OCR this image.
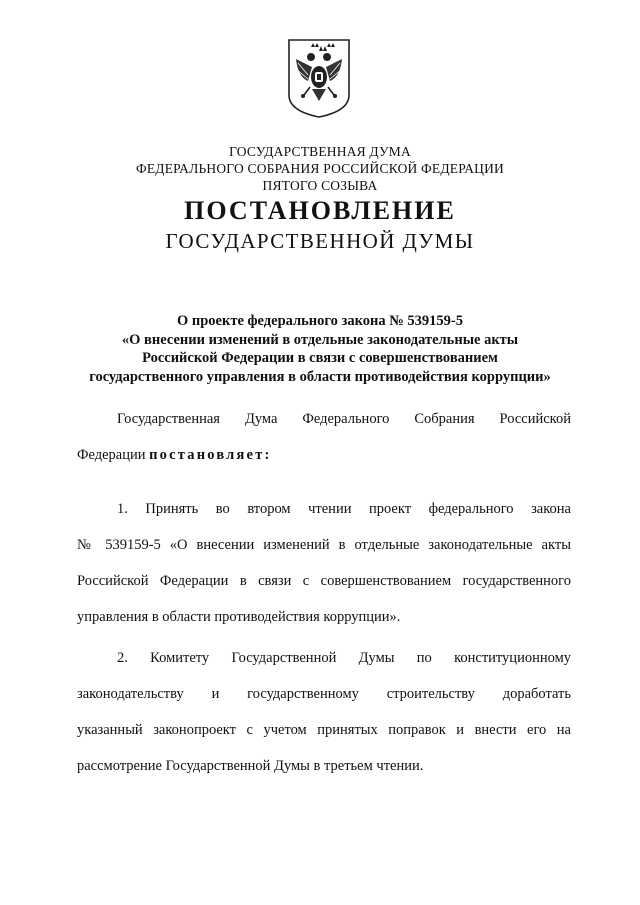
ГОСУДАРСТВЕННАЯ ДУМА
ФЕДЕРАЛЬНОГО СОБРАНИЯ РОССИЙСКОЙ ФЕДЕРАЦИИ
ПЯТОГО СОЗЫВА
ПОСТАНОВЛЕНИЕ
ГОСУДАРСТВЕННОЙ ДУМЫ
О проекте федерального закона № 539159-5
«О внесении изменений в отдельные законодательные акты
Российской Федерации в связи с совершенствованием
государственного управления в области противодействия коррупции»
Государственная Дума Федерального Собрания Российской
Федерации постановляет:
1. Принять во втором чтении проект федерального закона
№ 539159-5 «О внесении изменений в отдельные законодательные акты
Российской Федерации в связи с совершенствованием государственного
управления в области противодействия коррупции».
2. Комитету Государственной Думы по конституционному
законодательству и государственному строительству доработать
указанный законопроект с учетом принятых поправок и внести его на
рассмотрение Государственной Думы в третьем чтении.
